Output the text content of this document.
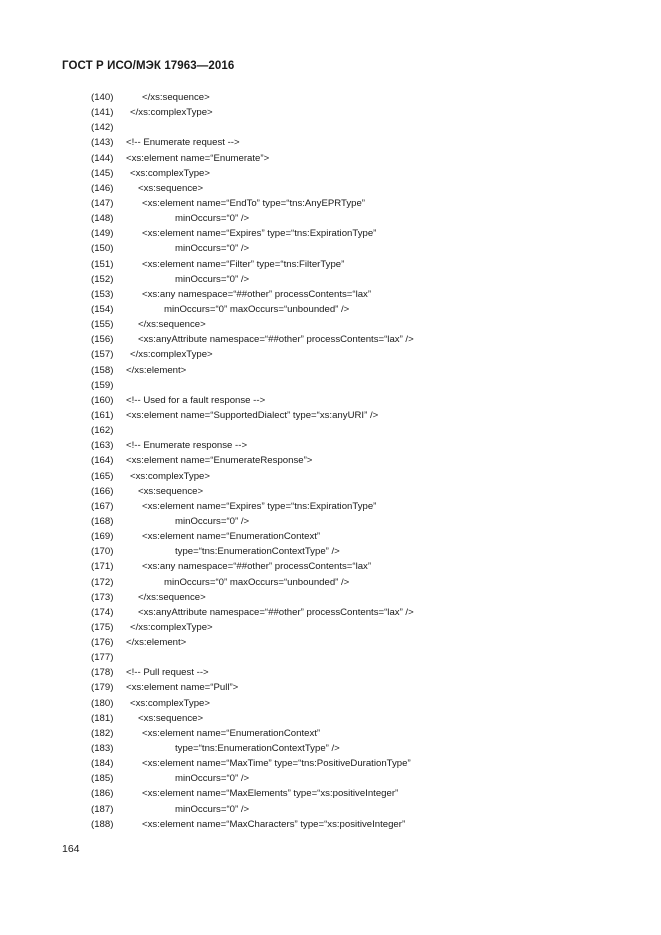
ГОСТ Р ИСО/МЭК 17963—2016
(140)	</xs:sequence>
(141) </xs:complexType>
(142)
(143) <!-- Enumerate request -->
(144) <xs:element name=“Enumerate”>
(145) <xs:complexType>
(146)	<xs:sequence>
(147)	<xs:element name=“EndTo” type=“tns:AnyEPRType”
(148)	minOccurs=“0” />
(149)	<xs:element name=“Expires” type=“tns:ExpirationType”
(150)	minOccurs=“0” />
(151)	<xs:element name=“Filter” type=“tns:FilterType”
(152)	minOccurs=“0” />
(153)	<xs:any namespace=“##other” processContents=“lax”
(154)	minOccurs=“0” maxOccurs=“unbounded” />
(155)	</xs:sequence>
(156)	<xs:anyAttribute namespace=“##other” processContents=“lax” />
(157) </xs:complexType>
(158) </xs:element>
(159)
(160) <!-- Used for a fault response -->
(161) <xs:element name=“SupportedDialect” type=“xs:anyURI” />
(162)
(163) <!-- Enumerate response -->
(164) <xs:element name=“EnumerateResponse”>
(165) <xs:complexType>
(166)	<xs:sequence>
(167)	<xs:element name=“Expires” type=“tns:ExpirationType”
(168)	minOccurs=“0” />
(169)	<xs:element name=“EnumerationContext”
(170)	type=“tns:EnumerationContextType” />
(171)	<xs:any namespace=“##other” processContents=“lax”
(172)	minOccurs=“0” maxOccurs=“unbounded” />
(173)	</xs:sequence>
(174)	<xs:anyAttribute namespace=“##other” processContents=“lax” />
(175) </xs:complexType>
(176) </xs:element>
(177)
(178) <!-- Pull request -->
(179) <xs:element name=“Pull”>
(180) <xs:complexType>
(181)	<xs:sequence>
(182)	<xs:element name=“EnumerationContext”
(183)	type=“tns:EnumerationContextType” />
(184)	<xs:element name=“MaxTime” type=“tns:PositiveDurationType”
(185)	minOccurs=“0” />
(186)	<xs:element name=“MaxElements” type=“xs:positiveInteger”
(187)	minOccurs=“0” />
(188)	<xs:element name=“MaxCharacters” type=“xs:positiveInteger”
164
